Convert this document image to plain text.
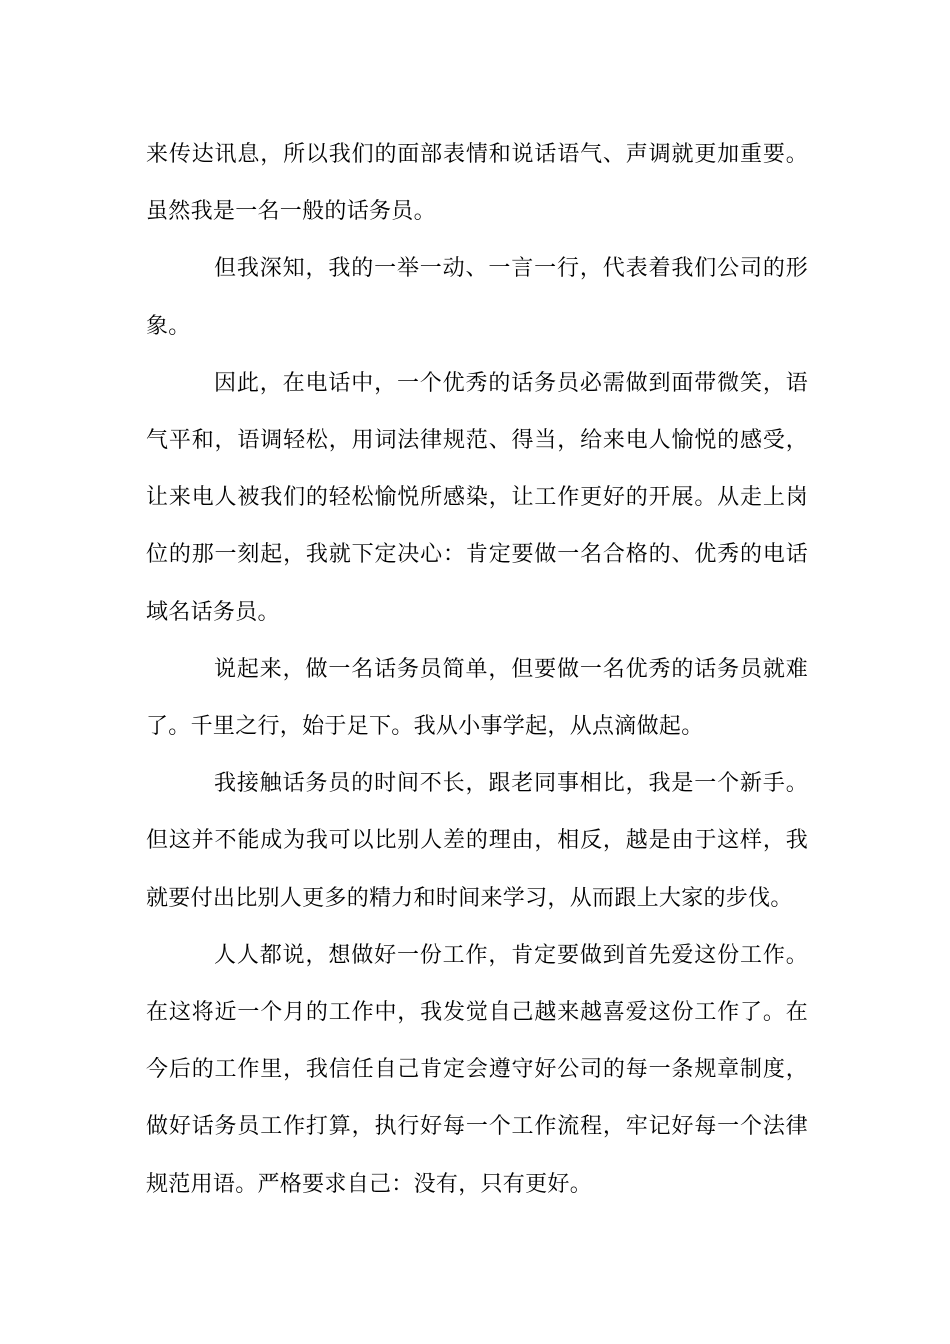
来传达讯息，所以我们的面部表情和说话语气、声调就更加重要。虽然我是一名一般的话务员。

但我深知，我的一举一动、一言一行，代表着我们公司的形象。

因此，在电话中，一个优秀的话务员必需做到面带微笑，语气平和，语调轻松，用词法律规范、得当，给来电人愉悦的感受，让来电人被我们的轻松愉悦所感染，让工作更好的开展。从走上岗位的那一刻起，我就下定决心：肯定要做一名合格的、优秀的电话域名话务员。

说起来，做一名话务员简单，但要做一名优秀的话务员就难了。千里之行，始于足下。我从小事学起，从点滴做起。

我接触话务员的时间不长，跟老同事相比，我是一个新手。但这并不能成为我可以比别人差的理由，相反，越是由于这样，我就要付出比别人更多的精力和时间来学习，从而跟上大家的步伐。

人人都说，想做好一份工作，肯定要做到首先爱这份工作。在这将近一个月的工作中，我发觉自己越来越喜爱这份工作了。在今后的工作里，我信任自己肯定会遵守好公司的每一条规章制度，做好话务员工作打算，执行好每一个工作流程，牢记好每一个法律规范用语。严格要求自己：没有，只有更好。
